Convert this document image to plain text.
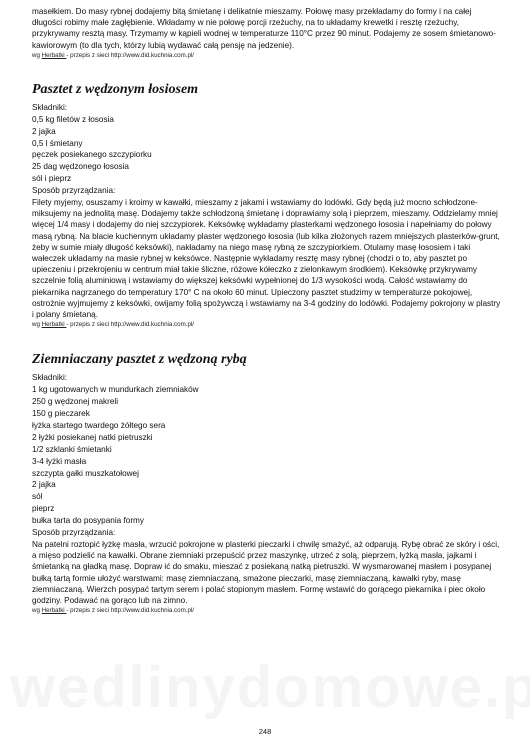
masełkiem. Do masy rybnej dodajemy bitą śmietanę i delikatnie mieszamy. Połowę masy przekładamy do formy i na całej długości robimy małe zagłębienie. Wkładamy w nie połowę porcji rzeżuchy, na to układamy krewetki i resztę rzeżuchy, przykrywamy resztą masy. Trzymamy w kąpieli wodnej w temperaturze 110°C przez 90 minut. Podajemy ze sosem śmietanowo-kawiorowym (to dla tych, którzy lubią wydawać całą pensję na jedzenie).

wg Herbatki - przepis z sieci http://www.did.kuchnia.com.pl/

Pasztet z wędzonym łosiosem
Składniki:
0,5 kg filetów z łososia
2 jajka
0,5 l śmietany
pęczek posiekanego szczypiorku
25 dag wędzonego łososia
sól i pieprz
Sposób przyrządzania:

Filety myjemy, osuszamy i kroimy w kawałki, mieszamy z jakami i wstawiamy do lodówki. Gdy będą już mocno schłodzone-miksujemy na jednolitą masę. Dodajemy także schłodzoną śmietanę i doprawiamy solą i pieprzem, mieszamy. Oddzielamy mniej więcej 1/4 masy i dodajemy do niej szczypiorek. Keksówkę wykładamy plasterkami wędzonego łososia i napełniamy do połowy masą rybną. Na blacie kuchennym układamy plaster wędzonego łososia (lub kilka złożonych razem mniejszych plasterków-grunt, żeby w sumie miały długość keksówki), nakładamy na niego masę rybną ze szczypiorkiem. Otulamy masę łososiem i taki wałeczek układamy na masie rybnej w keksówce. Następnie wykładamy resztę masy rybnej (chodzi o to, aby pasztet po upieczeniu i przekrojeniu w centrum miał takie śliczne, różowe kółeczko z zielonkawym środkiem). Keksówkę przykrywamy szczelnie folią aluminiową i wstawiamy do większej keksówki wypełnionej do 1/3 wysokości wodą. Całość wstawiamy do piekarnika nagrzanego do temperatury 170° C na około 60 minut. Upieczony pasztet studzimy w temperaturze pokojowej, ostrożnie wyjmujemy z keksówki, owijamy folią spożywczą i wstawiamy na 3-4 godziny do lodówki. Podajemy pokrojony w plastry i polany śmietaną.

wg Herbatki - przepis z sieci http://www.did.kuchnia.com.pl/

Ziemniaczany pasztet z wędzoną rybą
Składniki:
1 kg ugotowanych w mundurkach ziemniaków
250 g wędzonej makreli
150 g pieczarek
łyżka startego twardego żółtego sera
2 łyżki posiekanej natki pietruszki
1/2 szklanki śmietanki
3-4 łyżki masła
szczypta gałki muszkatołowej
2 jajka
sól
pieprz
bułka tarta do posypania formy
Sposób przyrządzania:

Na patelni roztopić łyżkę masła, wrzucić pokrojone w plasterki pieczarki i chwilę smażyć, aż odparują. Rybę obrać ze skóry i ości, a mięso podzielić na kawałki. Obrane ziemniaki przepuścić przez maszynkę, utrzeć z solą, pieprzem, łyżką masła, jajkami i śmietanką na gładką masę. Dopraw ić do smaku, mieszać z posiekaną natką pietruszki. W wysmarowanej masłem i posypanej bułką tartą formie ułożyć warstwami: masę ziemniaczaną, smażone pieczarki, masę ziemniaczaną, kawałki ryby, masę ziemniaczaną. Wierzch posypać tartym serem i polać stopionym masłem. Formę wstawić do gorącego piekarnika i piec około godziny. Podawać na gorąco lub na zimno.

wg Herbatki - przepis z sieci http://www.did.kuchnia.com.pl/

248
